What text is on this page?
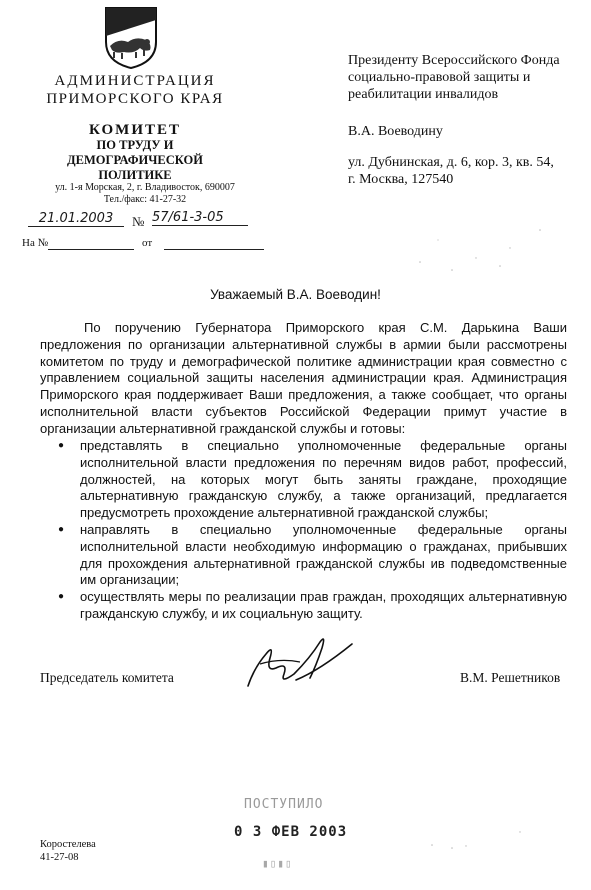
АДМИНИСТРАЦИЯ
ПРИМОРСКОГО КРАЯ
КОМИТЕТ
ПО ТРУДУ И ДЕМОГРАФИЧЕСКОЙ ПОЛИТИКЕ
ул. 1-я Морская, 2, г. Владивосток, 690007
Тел./факс: 41-27-32
21.01.2003	№ 57/61-3-05
На №	от
Президенту Всероссийского Фонда
социально-правовой защиты и
реабилитации инвалидов
В.А. Воеводину
ул. Дубнинская, д. 6, кор. 3, кв. 54,
г. Москва, 127540
Уважаемый В.А. Воеводин!
По поручению Губернатора Приморского края С.М. Дарькина Ваши предложения по организации альтернативной службы в армии были рассмотрены комитетом по труду и демографической политике администрации края совместно с управлением социальной защиты населения администрации края. Администрация Приморского края поддерживает Ваши предложения, а также сообщает, что органы исполнительной власти субъектов Российской Федерации примут участие в организации альтернативной гражданской службы и готовы:
● представлять в специально уполномоченные федеральные органы исполнительной власти предложения по перечням видов работ, профессий, должностей, на которых могут быть заняты граждане, проходящие альтернативную гражданскую службу, а также организаций, предлагается предусмотреть прохождение альтернативной гражданской службы;
● направлять в специально уполномоченные федеральные органы исполнительной власти необходимую информацию о гражданах, прибывших для прохождения альтернативной гражданской службы ив подведомственные им организации;
● осуществлять меры по реализации прав граждан, проходящих альтернативную гражданскую службу, и их социальную защиту.
Председатель комитета	В.М. Решетников
ПОСТУПИЛО
0 3 ФЕВ 2003
▮▯▮▯
Коростелева
41-27-08
